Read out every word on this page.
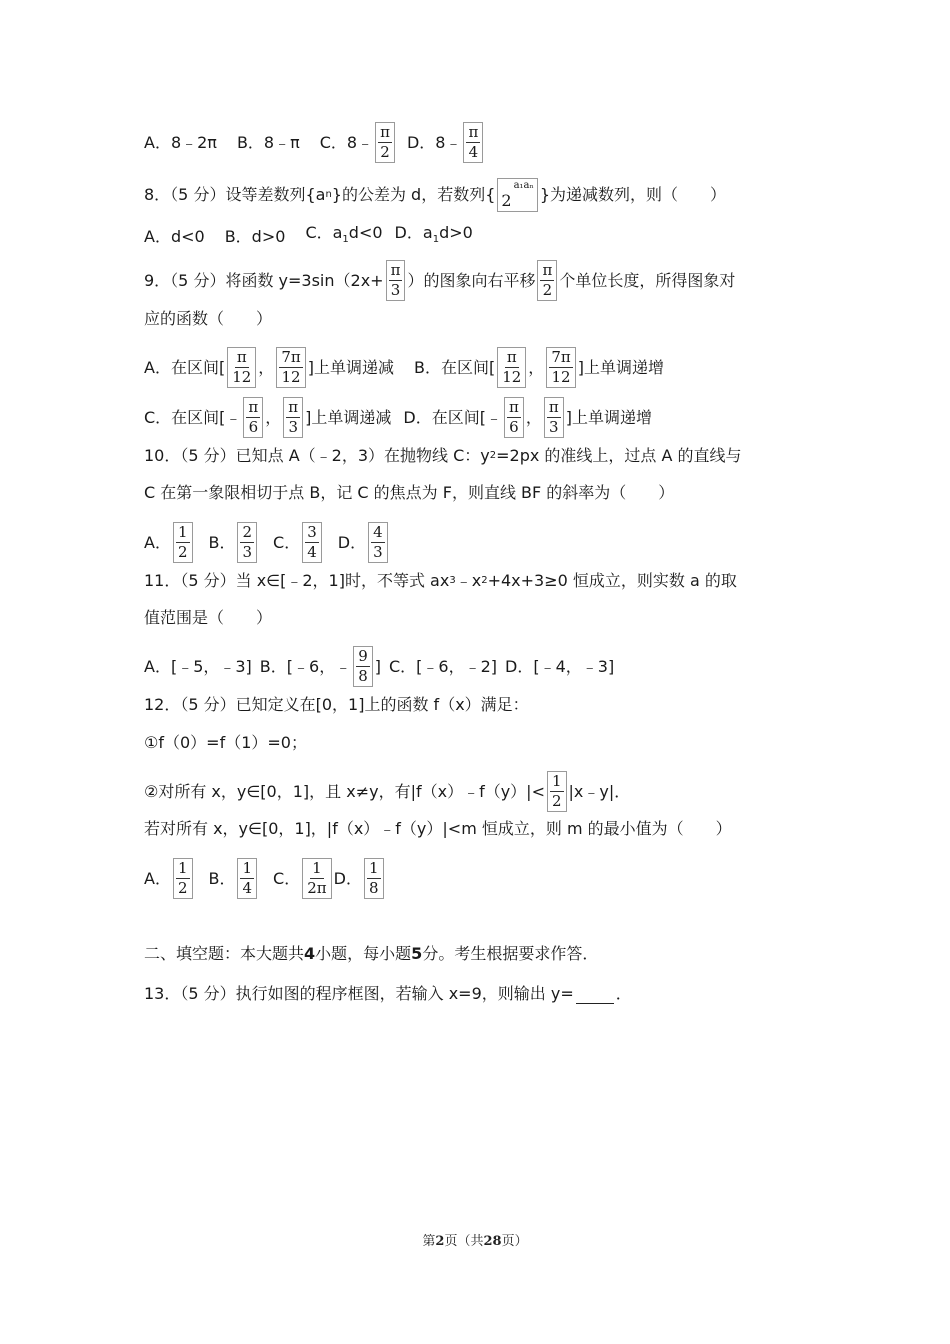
A．8﹣2π B．8﹣π C．8﹣ $\frac{\pi}{2}$ D．8﹣ $\frac{\pi}{4}$
8．（5 分）设等差数列{a n }的公差为 d，若数列{ 2
a₁aₙ }为递减数列，则（　　）
A．d<0 B．d>0 C．$a_1d<0$ D．$a_1d>0$
9．（5 分）将函数 $y=3\sin(2x+ \frac{\pi}{3}$ ）的图象向右平移 $\frac{\pi}{2}$ 个单位长度，所得图象对
应的函数（　　）
A．在区间[ $\frac{\pi}{12}$ ， $\frac{7\pi}{12}$ ]上单调递减 B．在区间[ $\frac{\pi}{12}$ ， $\frac{7\pi}{12}$ ]上单调递增
C．在区间[﹣ $\frac{\pi}{6}$ ， $\frac{\pi}{3}$ ]上单调递减 D．在区间[﹣ $\frac{\pi}{6}$ ， $\frac{\pi}{3}$ ]上单调递增
10．（5 分）已知点 A（﹣2，3）在抛物线 C：y 2 =2px 的准线上，过点 A 的直线与
C 在第一象限相切于点 B，记 C 的焦点为 F，则直线 BF 的斜率为（　　）
A． $\frac{1}{2}$ B． $\frac{2}{3}$ C． $\frac{3}{4}$ D． $\frac{4}{3}$
11．（5 分）当 x∈[﹣2，1]时，不等式 ax 3 ﹣x 2 +4x+3≥0 恒成立，则实数 a 的取
值范围是（　　）
A．[﹣5，﹣3] B．[﹣6，﹣ $\frac{9}{8}$ ] C．[﹣6，﹣2] D．[﹣4，﹣3]
12．（5 分）已知定义在[0，1]上的函数 f（x）满足：
①f（0）=f（1）=0；
②对所有 x，y∈[0，1]，且 x≠y，有|f（x）﹣f（y）|< $\frac{1}{2}$ |x﹣y|．
若对所有 x，y∈[0，1]，|f（x）﹣f（y）|<m 恒成立，则 m 的最小值为（　　）
A． $\frac{1}{2}$ B． $\frac{1}{4}$ C． $\frac{1}{2\pi}$ D． $\frac{1}{8}$
二、填空题：本大题共 4 小题，每小题 5 分。考生根据要求作答．
13．（5 分）执行如图的程序框图，若输入 x=9，则输出 y=	．
第2页（共28页）
